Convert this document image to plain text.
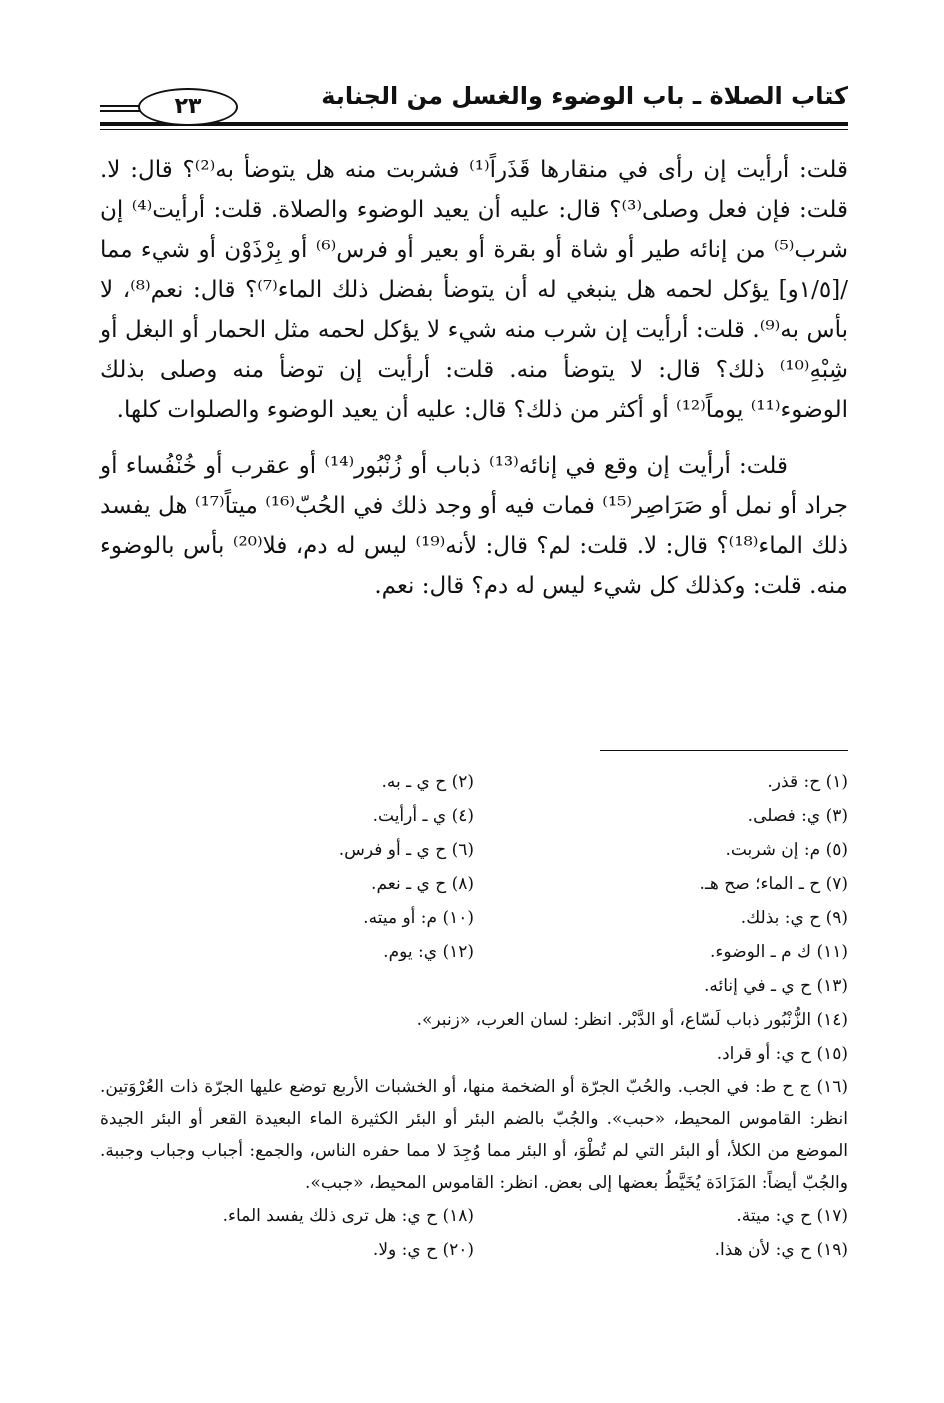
كتاب الصلاة ـ باب الوضوء والغسل من الجنابة
٢٣

قلت: أرأيت إن رأى في منقارها قَذَراً⁽¹⁾ فشربت منه هل يتوضأ به⁽²⁾؟ قال: لا. قلت: فإن فعل وصلى⁽³⁾؟ قال: عليه أن يعيد الوضوء والصلاة. قلت: أرأيت⁽⁴⁾ إن شرب⁽⁵⁾ من إنائه طير أو شاة أو بقرة أو بعير أو فرس⁽⁶⁾ أو بِرْذَوْن أو شيء مما /[١/٥و] يؤكل لحمه هل ينبغي له أن يتوضأ بفضل ذلك الماء⁽⁷⁾؟ قال: نعم⁽⁸⁾، لا بأس به⁽⁹⁾. قلت: أرأيت إن شرب منه شيء لا يؤكل لحمه مثل الحمار أو البغل أو شِبْهِ⁽¹⁰⁾ ذلك؟ قال: لا يتوضأ منه. قلت: أرأيت إن توضأ منه وصلى بذلك الوضوء⁽¹¹⁾ يوماً⁽¹²⁾ أو أكثر من ذلك؟ قال: عليه أن يعيد الوضوء والصلوات كلها.

قلت: أرأيت إن وقع في إنائه⁽¹³⁾ ذباب أو زُنْبُور⁽¹⁴⁾ أو عقرب أو خُنْفُساء أو جراد أو نمل أو صَرَاصِر⁽¹⁵⁾ فمات فيه أو وجد ذلك في الحُبّ⁽¹⁶⁾ ميتاً⁽¹⁷⁾ هل يفسد ذلك الماء⁽¹⁸⁾؟ قال: لا. قلت: لم؟ قال: لأنه⁽¹⁹⁾ ليس له دم، فلا⁽²⁰⁾ بأس بالوضوء منه. قلت: وكذلك كل شيء ليس له دم؟ قال: نعم.

(١) ح: قذر.
(٢) ح ي ـ به.
(٣) ي: فصلى.
(٤) ي ـ أرأيت.
(٥) م: إن شربت.
(٦) ح ي ـ أو فرس.
(٧) ح ـ الماء؛ صح هـ.
(٨) ح ي ـ نعم.
(٩) ح ي: بذلك.
(١٠) م: أو ميته.
(١١) ك م ـ الوضوء.
(١٢) ي: يوم.
(١٣) ح ي ـ في إنائه.
(١٤) الزُّنْبُور ذباب لَسّاع، أو الدَّبْر. انظر: لسان العرب، «زنبر».
(١٥) ح ي: أو قراد.
(١٦) ج ح ط: في الجب. والحُبّ الجرّة أو الضخمة منها، أو الخشبات الأربع توضع عليها الجرّة ذات العُرْوَتين. انظر: القاموس المحيط، «حبب». والجُبّ بالضم البئر أو البئر الكثيرة الماء البعيدة القعر أو البئر الجيدة الموضع من الكلأ، أو البئر التي لم تُطْوَ، أو البئر مما وُجِدَ لا مما حفره الناس، والجمع: أجباب وجباب وجببة. والجُبّ أيضاً: المَزَادَة يُخَيَّطُ بعضها إلى بعض. انظر: القاموس المحيط، «جبب».
(١٧) ح ي: ميتة.
(١٨) ح ي: هل ترى ذلك يفسد الماء.
(١٩) ح ي: لأن هذا.
(٢٠) ح ي: ولا.
